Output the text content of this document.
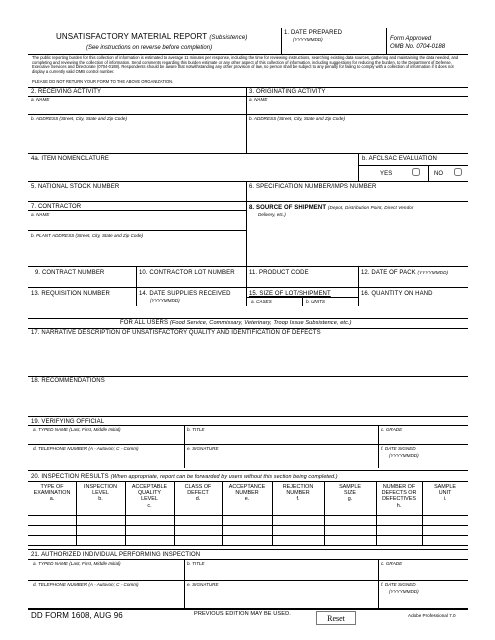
UNSATISFACTORY MATERIAL REPORT (Subsistence)
(See instructions on reverse before completion)
1. DATE PREPARED
(YYYYMMDD)	Form Approved
OMB No. 0704-0188
The public reporting burden for this collection of information is estimated to average 11 minutes per response, including the time for reviewing instructions, searching existing data sources, gathering and maintaining the data needed, and completing and reviewing the collection of information. Send comments regarding this burden estimate or any other aspect of this collection of information, including suggestions for reducing the burden, to the Department of Defense, Executive Services and Directorate (0704-0188). Respondents should be aware that notwithstanding any other provision of law, no person shall be subject to any penalty for failing to comply with a collection of information if it does not display a currently valid OMB control number.
PLEASE DO NOT RETURN YOUR FORM TO THE ABOVE ORGANIZATION.
2. RECEIVING ACTIVITY	3. ORIGINATING ACTIVITY
a. NAME	a. NAME
b. ADDRESS (Street, City, State and Zip Code)	b. ADDRESS (Street, City, State and Zip Code)
4a. ITEM NOMENCLATURE	b. AFCLSAC EVALUATION
YES	NO
5. NATIONAL STOCK NUMBER	6. SPECIFICATION NUMBER/IMPS NUMBER
7. CONTRACTOR
a. NAME
b. PLANT ADDRESS (Street, City, State and Zip Code)
8. SOURCE OF SHIPMENT (Depot, Distribution Point, Direct Vendor
Delivery, etc.)
9. CONTRACT NUMBER	10. CONTRACTOR LOT NUMBER 11. PRODUCT CODE	12. DATE OF PACK (YYYYMMDD)
13. REQUISITION NUMBER	14. DATE SUPPLIES RECEIVED
(YYYYMMDD)
15. SIZE OF LOT/SHIPMENT
a. CASES	b. UNITS
16. QUANTITY ON HAND
FOR ALL USERS (Food Service, Commissary, Veterinary, Troop Issue Subsistence, etc.)
17. NARRATIVE DESCRIPTION OF UNSATISFACTORY QUALITY AND IDENTIFICATION OF DEFECTS
18. RECOMMENDATIONS
19. VERIFYING OFFICIAL
a. TYPED NAME (Last, First, Middle Initial)	b. TITLE	c. GRADE
d. TELEPHONE NUMBER (A - Autovon; C - Comm)	e. SIGNATURE	f. DATE SIGNED
(YYYYMMDD)
20. INSPECTION RESULTS (When appropriate, report can be forwarded by users without this section being completed.)
TYPE OF
EXAMINATION
a.
INSPECTION
LEVEL
b.
ACCEPTABLE
QUALITY
LEVEL
c.
CLASS OF
DEFECT
d.
ACCEPTANCE
NUMBER
e.
REJECTION
NUMBER
f.
SAMPLE
SIZE
g.
NUMBER OF
DEFECTS OR
DEFECTIVES
h.
SAMPLE
UNIT
i.
21. AUTHORIZED INDIVIDUAL PERFORMING INSPECTION
a. TYPED NAME (Last, First, Middle Initial)	b. TITLE	c. GRADE
d. TELEPHONE NUMBER (A - Autovon; C - Comm)	e. SIGNATURE	f. DATE SIGNED
(YYYYMMDD)
DD FORM 1608, AUG 96	PREVIOUS EDITION MAY BE USED.	Adobe Professional 7.0
Reset
